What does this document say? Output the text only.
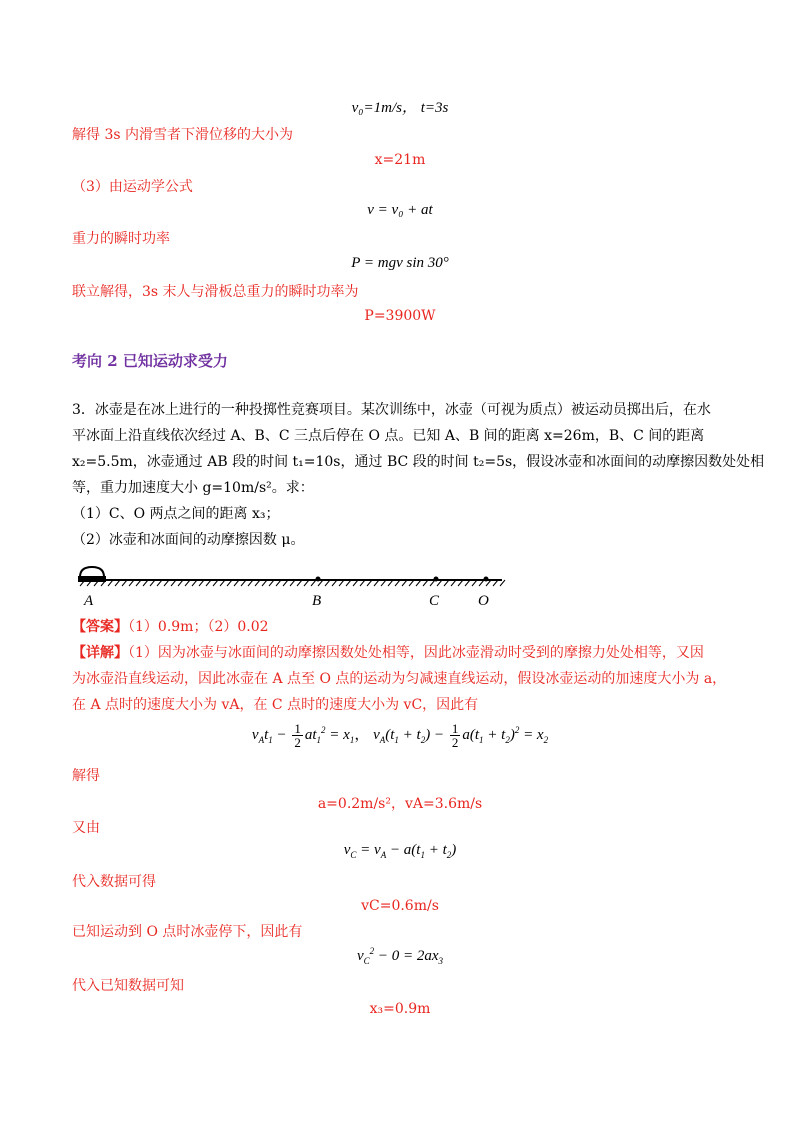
v₀=1m/s， t=3s
解得 3s 内滑雪者下滑位移的大小为
x=21m
（3）由运动学公式
v = v₀ + at
重力的瞬时功率
P = mgv sin 30°
联立解得，3s 末人与滑板总重力的瞬时功率为
P=3900W
考向 2 已知运动求受力
3．冰壶是在冰上进行的一种投掷性竞赛项目。某次训练中，冰壶（可视为质点）被运动员掷出后，在水
平冰面上沿直线依次经过 A、B、C 三点后停在 O 点。已知 A、B 间的距离 x=26m，B、C 间的距离
x₂=5.5m，冰壶通过 AB 段的时间 t₁=10s，通过 BC 段的时间 t₂=5s，假设冰壶和冰面间的动摩擦因数处处相
等，重力加速度大小 g=10m/s²。求：
（1）C、O 两点之间的距离 x₃；
（2）冰壶和冰面间的动摩擦因数 μ。
A	B	C	O
【答案】（1）0.9m；（2）0.02
【详解】（1）因为冰壶与冰面间的动摩擦因数处处相等，因此冰壶滑动时受到的摩擦力处处相等，又因
为冰壶沿直线运动，因此冰壶在 A 点至 O 点的运动为匀减速直线运动，假设冰壶运动的加速度大小为 a，
在 A 点时的速度大小为 vA，在 C 点时的速度大小为 vC，因此有
$v_At_1 - \frac{1}{2} at_1^2 = x_1$， $v_A(t_1 + t_2) - \frac{1}{2} a(t_1 + t_2)^2 = x_2$
解得
a=0.2m/s²，vA=3.6m/s
又由
$v_C = v_A - a(t_1 + t_2)$
代入数据可得
vC=0.6m/s
已知运动到 O 点时冰壶停下，因此有
$v_C^2 - 0 = 2ax_3$
代入已知数据可知
x₃=0.9m
